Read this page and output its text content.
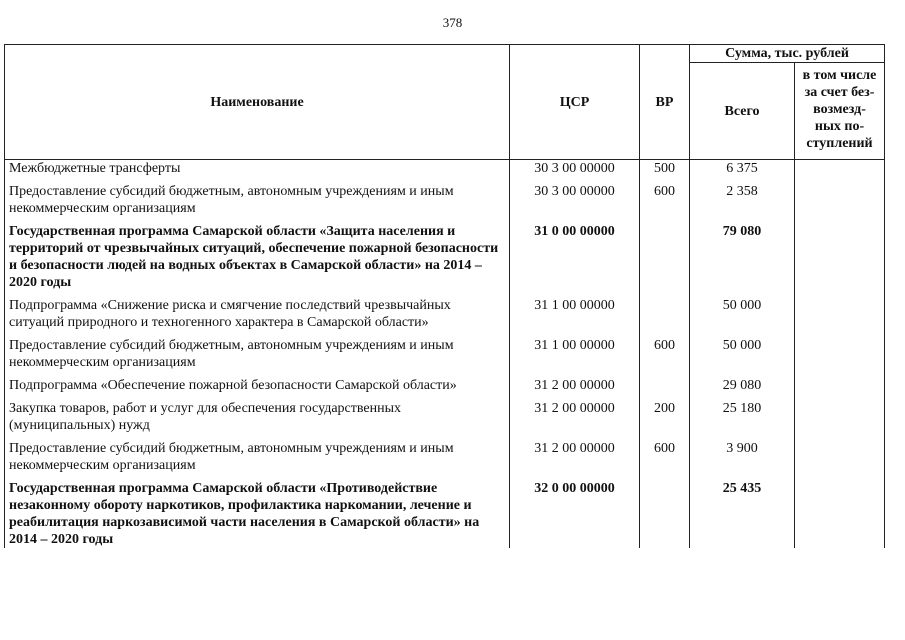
378
Наименование	ЦСР	ВР	Сумма, тыс. рублей	
			Всего	в том числе
за счет без-
возмезд-
ных по-
ступлений

Межбюджетные трансферты	30 3 00 00000	500	6 375	
Предоставление субсидий бюджетным, автономным учреждениям и иным некоммерческим организациям	30 3 00 00000	600	2 358	
Государственная программа Самарской области «Защита населения и территорий от чрезвычайных ситуаций, обеспечение пожарной безопасности и безопасности людей на водных объектах в Самарской области» на 2014 – 2020 годы	31 0 00 00000		79 080	
Подпрограмма «Снижение риска и смягчение последствий чрезвычайных ситуаций природного и техногенного характера в Самарской области»	31 1 00 00000		50 000	
Предоставление субсидий бюджетным, автономным учреждениям и иным некоммерческим организациям	31 1 00 00000	600	50 000	
Подпрограмма «Обеспечение пожарной безопасности Самарской области»	31 2 00 00000		29 080	
Закупка товаров, работ и услуг для обеспечения государственных (муниципальных) нужд	31 2 00 00000	200	25 180	
Предоставление субсидий бюджетным, автономным учреждениям и иным некоммерческим организациям	31 2 00 00000	600	3 900	
Государственная программа Самарской области «Противодействие незаконному обороту наркотиков, профилактика наркомании, лечение и реабилитация наркозависимой части населения в Самарской области» на 2014 – 2020 годы	32 0 00 00000		25 435	
